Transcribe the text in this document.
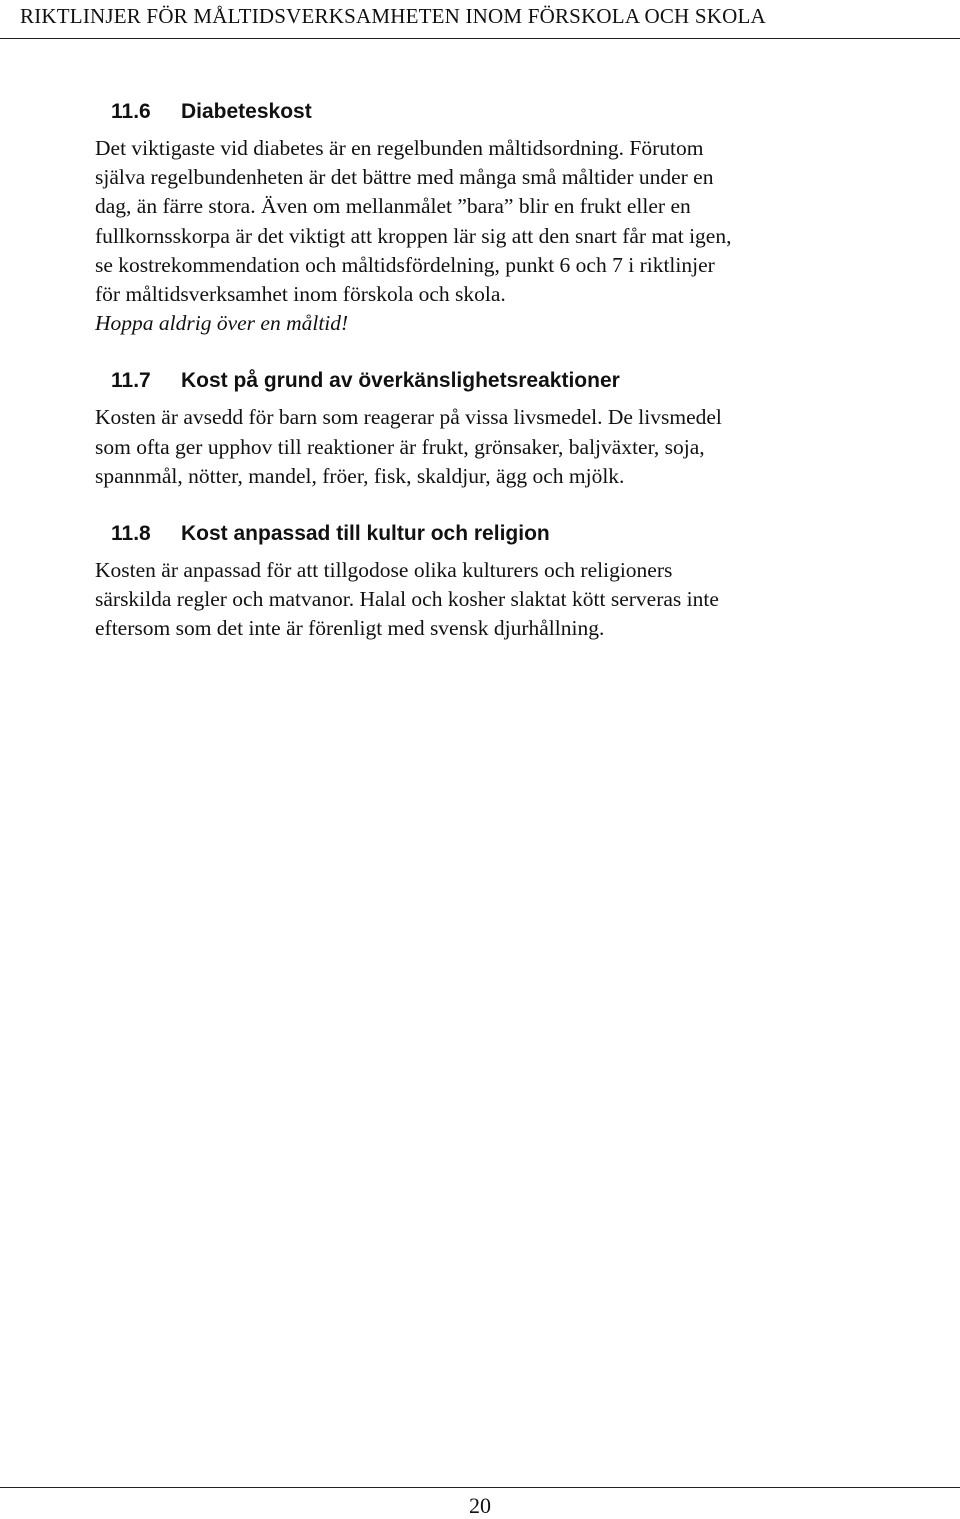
RIKTLINJER FÖR MÅLTIDSVERKSAMHETEN INOM FÖRSKOLA OCH SKOLA
11.6 Diabeteskost
Det viktigaste vid diabetes är en regelbunden måltidsordning. Förutom
själva regelbundenheten är det bättre med många små måltider under en
dag, än färre stora. Även om mellanmålet ”bara” blir en frukt eller en
fullkornsskorpa är det viktigt att kroppen lär sig att den snart får mat igen,
se kostrekommendation och måltidsfördelning, punkt 6 och 7 i riktlinjer
för måltidsverksamhet inom förskola och skola.
Hoppa aldrig över en måltid!
11.7 Kost på grund av överkänslighetsreaktioner
Kosten är avsedd för barn som reagerar på vissa livsmedel. De livsmedel
som ofta ger upphov till reaktioner är frukt, grönsaker, baljväxter, soja,
spannmål, nötter, mandel, fröer, fisk, skaldjur, ägg och mjölk.
11.8 Kost anpassad till kultur och religion
Kosten är anpassad för att tillgodose olika kulturers och religioners
särskilda regler och matvanor. Halal och kosher slaktat kött serveras inte
eftersom som det inte är förenligt med svensk djurhållning.
20
